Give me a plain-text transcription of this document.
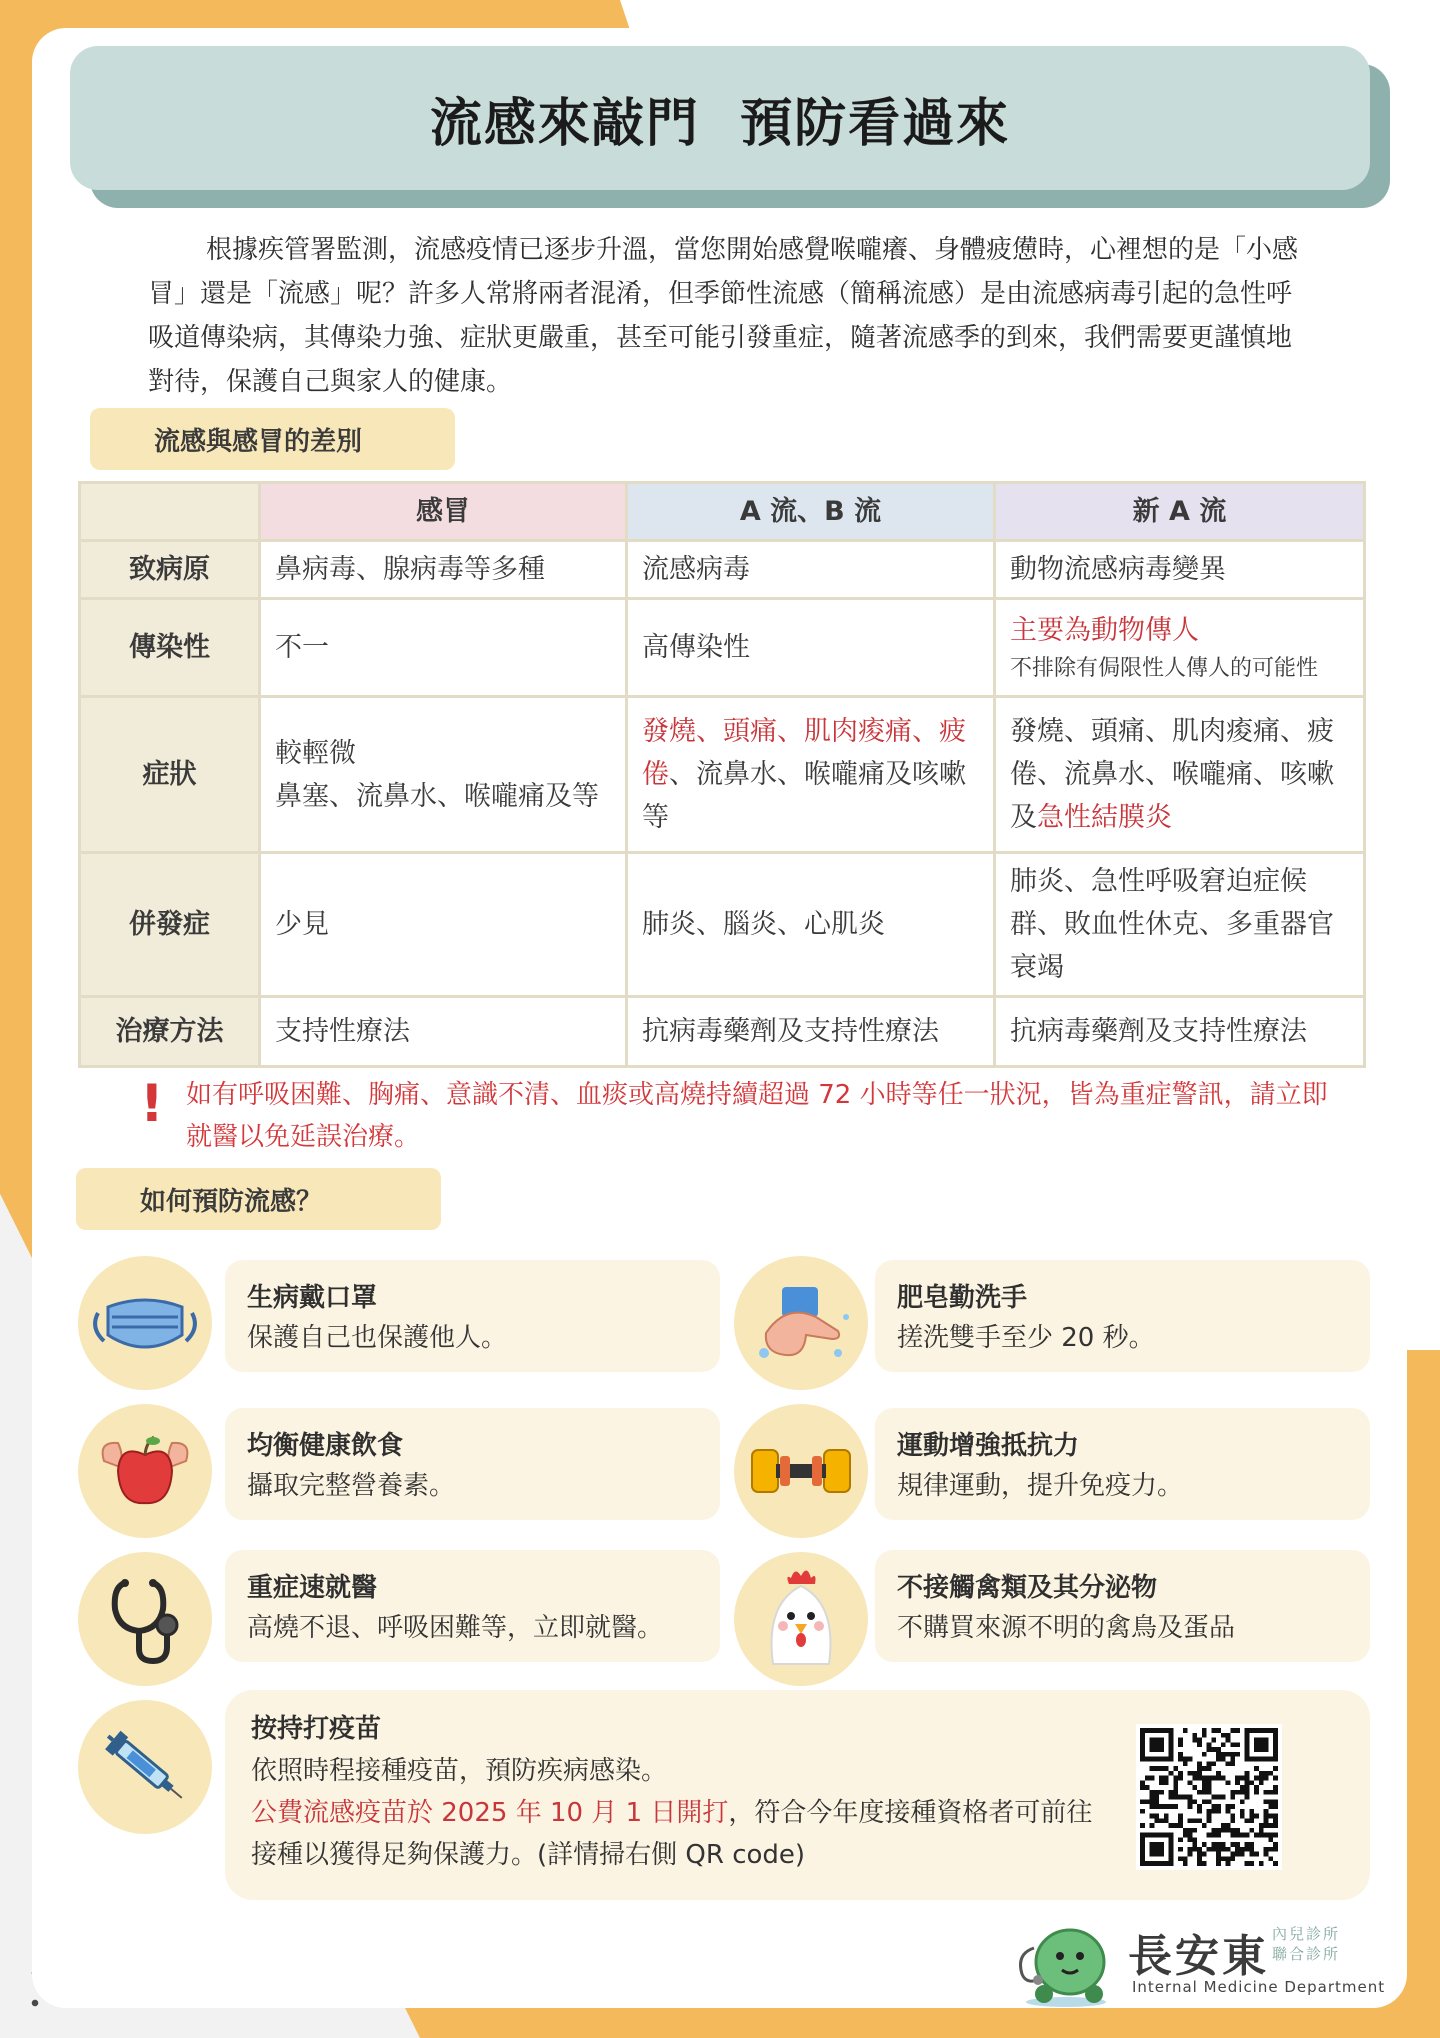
流感來敲門  預防看過來

根據疾管署監測，流感疫情已逐步升溫，當您開始感覺喉嚨癢、身體疲憊時，心裡想的是「小感冒」還是「流感」呢？許多人常將兩者混淆，但季節性流感（簡稱流感）是由流感病毒引起的急性呼吸道傳染病，其傳染力強、症狀更嚴重，甚至可能引發重症，隨著流感季的到來，我們需要更謹慎地對待，保護自己與家人的健康。

流感與感冒的差別
	感冒	A 流、B 流	新 A 流
致病原	鼻病毒、腺病毒等多種	流感病毒	動物流感病毒變異
傳染性	不一	高傳染性	主要為動物傳人
不排除有侷限性人傳人的可能性

症狀	較輕微
鼻塞、流鼻水、喉嚨痛及等	發燒、頭痛、肌肉痠痛、疲倦、流鼻水、喉嚨痛及咳嗽等	發燒、頭痛、肌肉痠痛、疲倦、流鼻水、喉嚨痛、咳嗽及急性結膜炎
併發症	少見	肺炎、腦炎、心肌炎	肺炎、急性呼吸窘迫症候群、敗血性休克、多重器官衰竭
治療方法	支持性療法	抗病毒藥劑及支持性療法	抗病毒藥劑及支持性療法
! 如有呼吸困難、胸痛、意識不清、血痰或高燒持續超過 72 小時等任一狀況，皆為重症警訊，請立即就醫以免延誤治療。
如何預防流感？
生病戴口罩
保護自己也保護他人。
肥皂勤洗手
搓洗雙手至少 20 秒。
均衡健康飲食
攝取完整營養素。
運動增強抵抗力
規律運動，提升免疫力。
重症速就醫
高燒不退、呼吸困難等，立即就醫。
不接觸禽類及其分泌物
不購買來源不明的禽鳥及蛋品
按持打疫苗
依照時程接種疫苗，預防疾病感染。
公費流感疫苗於 2025 年 10 月 1 日開打，符合今年度接種資格者可前往接種以獲得足夠保護力。(詳情掃右側 QR code)
長安東 內兒診所
聯合診所
Internal Medicine Department
